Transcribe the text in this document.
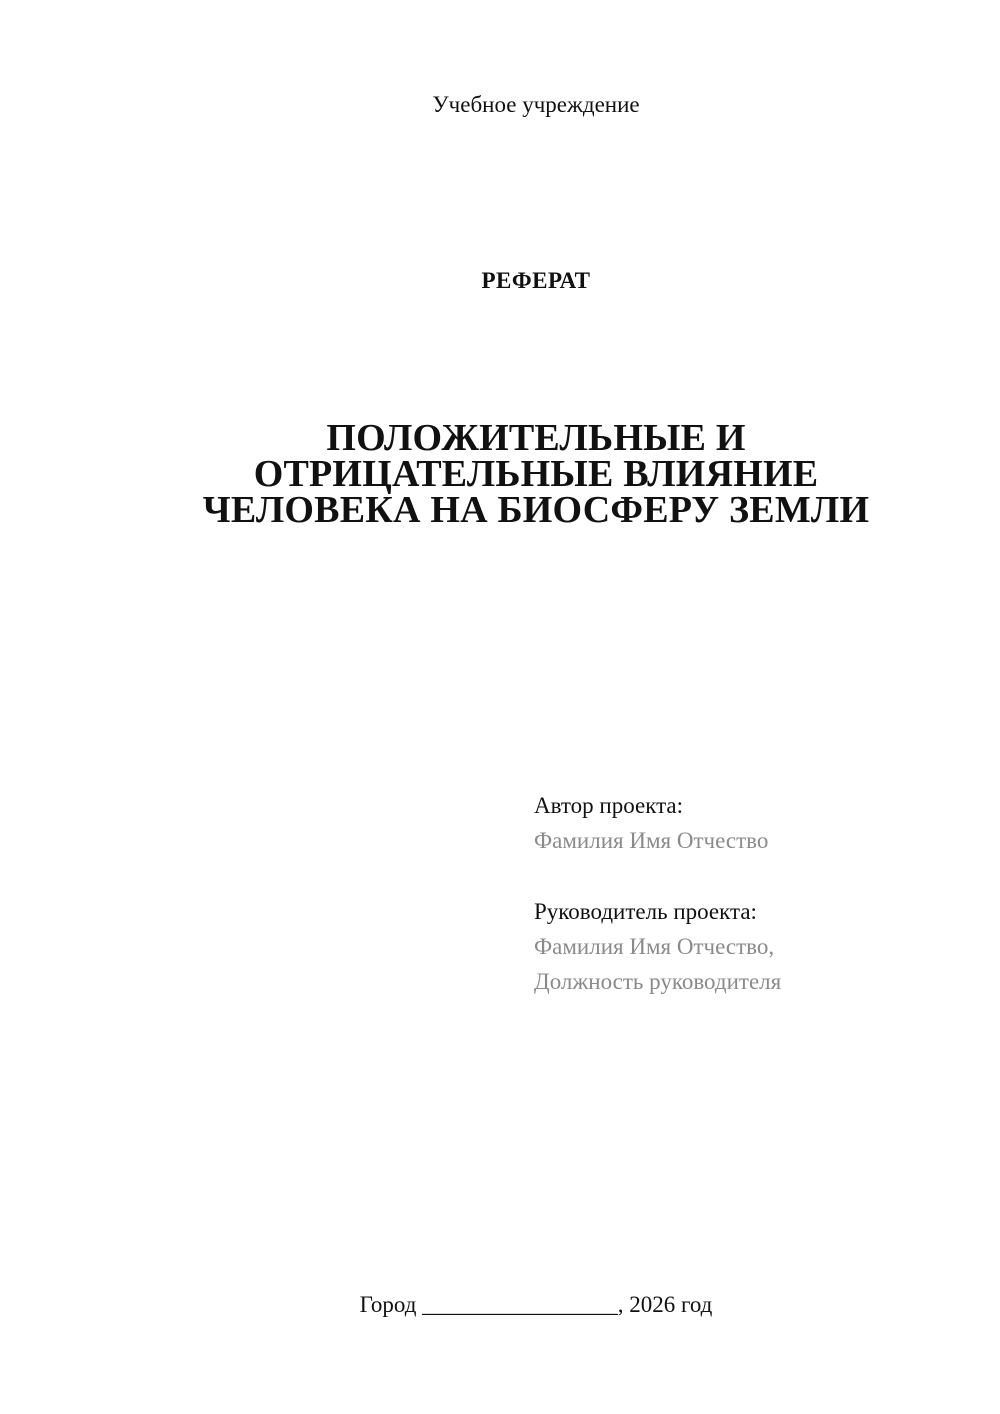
Учебное учреждение
РЕФЕРАТ
ПОЛОЖИТЕЛЬНЫЕ И
ОТРИЦАТЕЛЬНЫЕ ВЛИЯНИЕ
ЧЕЛОВЕКА НА БИОСФЕРУ ЗЕМЛИ
Автор проекта:
Фамилия Имя Отчество
Руководитель проекта:
Фамилия Имя Отчество,
Должность руководителя
Город _________________, 2026 год
